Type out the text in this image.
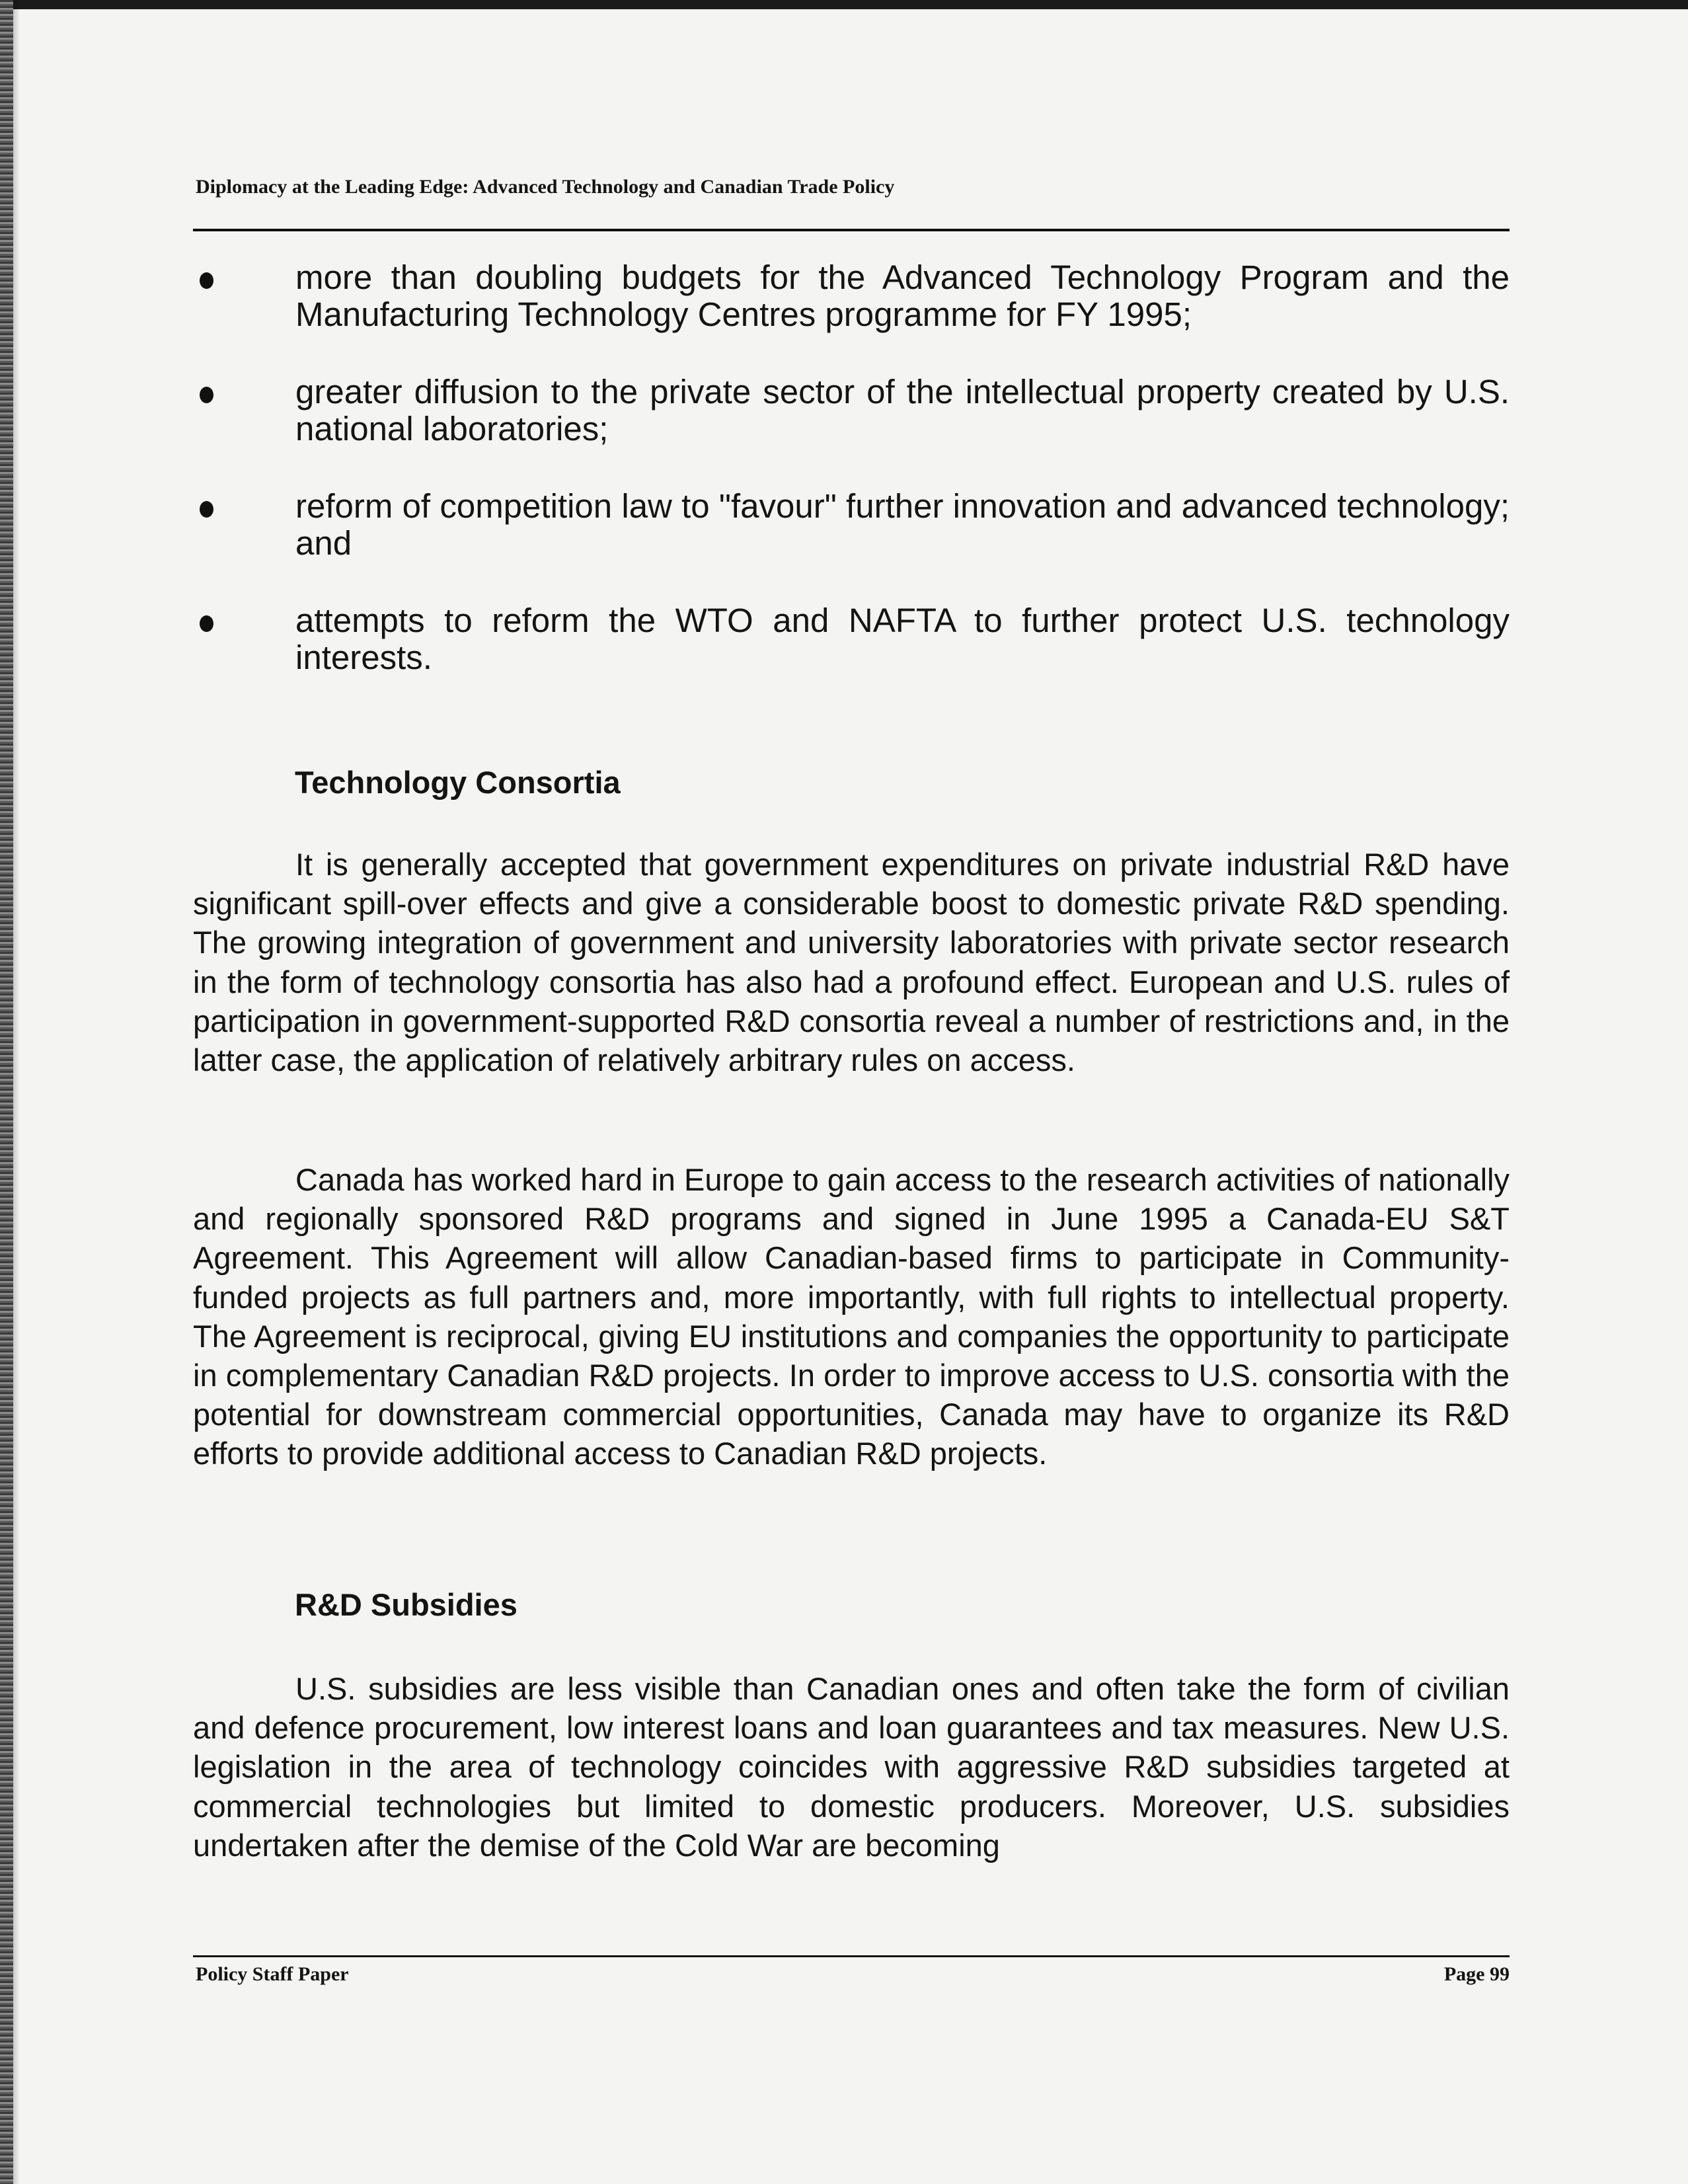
Diplomacy at the Leading Edge: Advanced Technology and Canadian Trade Policy
more than doubling budgets for the Advanced Technology Program and the Manufacturing Technology Centres programme for FY 1995;
greater diffusion to the private sector of the intellectual property created by U.S. national laboratories;
reform of competition law to "favour" further innovation and advanced technology; and
attempts to reform the WTO and NAFTA to further protect U.S. technology interests.
Technology Consortia

It is generally accepted that government expenditures on private industrial R&D have significant spill-over effects and give a considerable boost to domestic private R&D spending. The growing integration of government and university laboratories with private sector research in the form of technology consortia has also had a profound effect. European and U.S. rules of participation in government-supported R&D consortia reveal a number of restrictions and, in the latter case, the application of relatively arbitrary rules on access.

Canada has worked hard in Europe to gain access to the research activities of nationally and regionally sponsored R&D programs and signed in June 1995 a Canada-EU S&T Agreement. This Agreement will allow Canadian-based firms to participate in Community-funded projects as full partners and, more importantly, with full rights to intellectual property. The Agreement is reciprocal, giving EU institutions and companies the opportunity to participate in complementary Canadian R&D projects. In order to improve access to U.S. consortia with the potential for downstream commercial opportunities, Canada may have to organize its R&D efforts to provide additional access to Canadian R&D projects.

R&D Subsidies

U.S. subsidies are less visible than Canadian ones and often take the form of civilian and defence procurement, low interest loans and loan guarantees and tax measures. New U.S. legislation in the area of technology coincides with aggressive R&D subsidies targeted at commercial technologies but limited to domestic producers. Moreover, U.S. subsidies undertaken after the demise of the Cold War are becoming

Policy Staff Paper	Page 99
